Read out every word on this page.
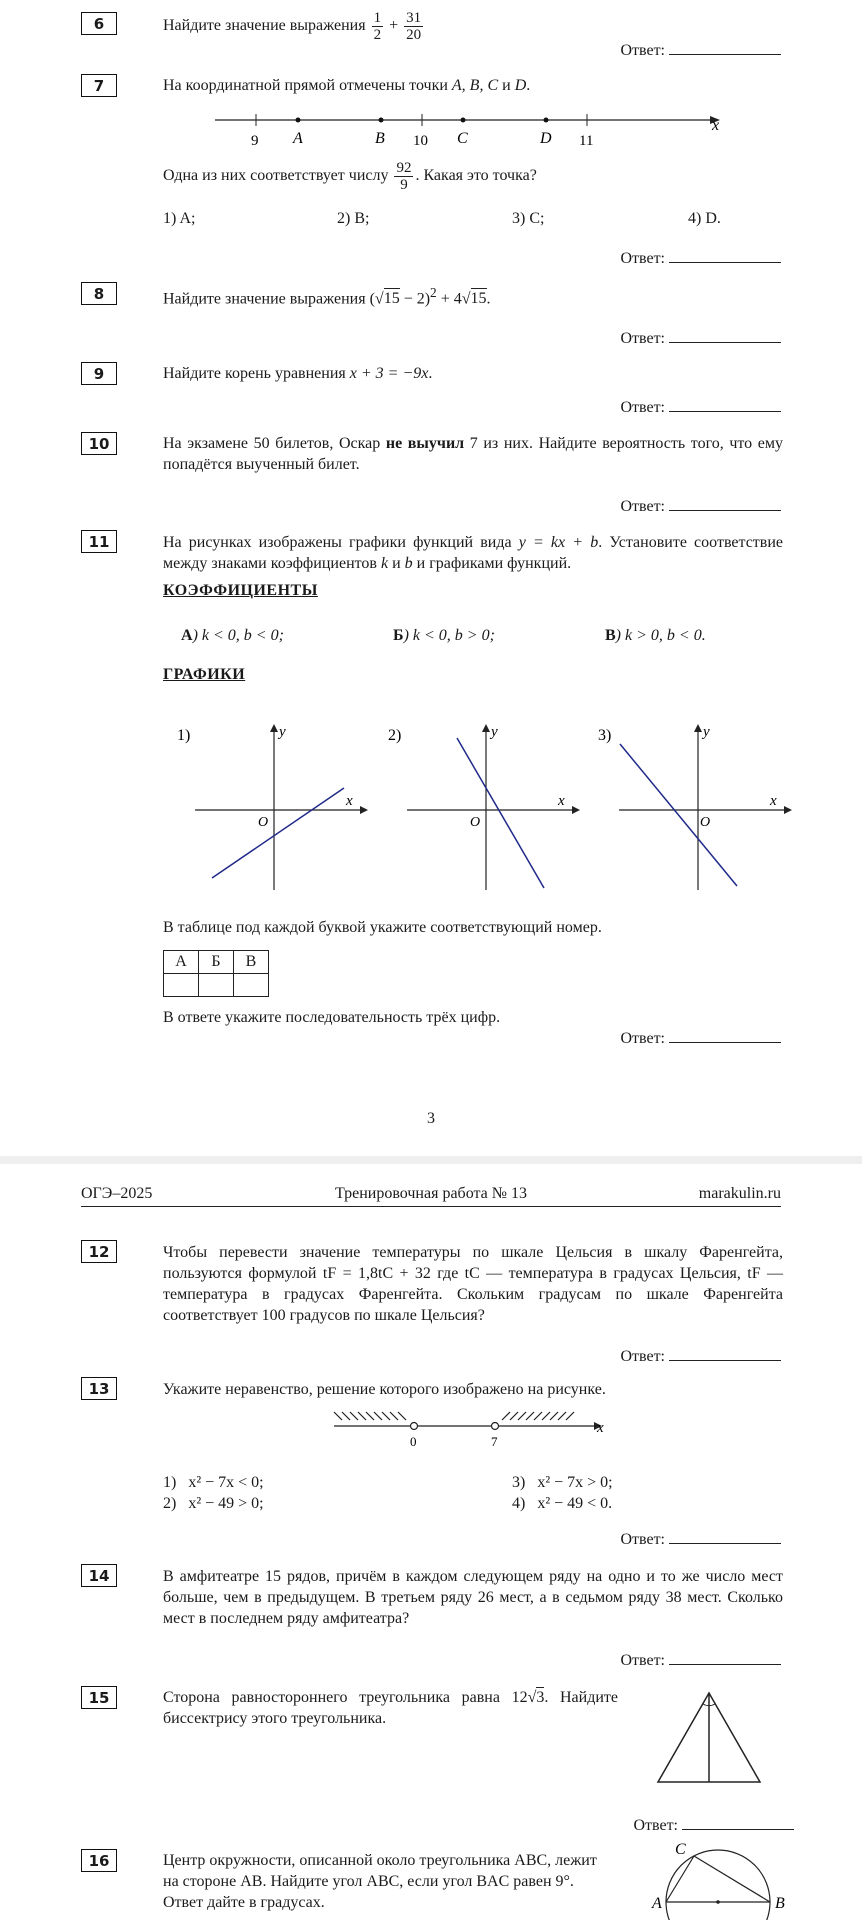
6	Найдите значение выражения $\frac{1}{2} + \frac{31}{20}$
Ответ:
7	На координатной прямой отмечены точки A, B, C и D.
x
9	10	11
A	B	C	D
Одна из них соответствует числу $\frac{92}{9}$ . Какая это точка?
1) A;	2) B;	3) C;	4) D.
Ответ:
8	Найдите значение выражения $(√15 - 2)^2 + 4√15$.
Ответ:
9	Найдите корень уравнения x + 3 = −9x.
Ответ:
10	На экзамене 50 билетов, Оскар не выучил 7 из них. Найдите вероятность того, что ему попадётся выученный билет.
Ответ:
11	На рисунках изображены графики функций вида y = kx + b. Установите соответствие между знаками коэффициентов k и b и графиками функций.
КОЭФФИЦИЕНТЫ
А) k < 0, b < 0;	Б) k < 0, b > 0;	В) k > 0, b < 0.
ГРАФИКИ
1)
x
y
O
2)
x
y
O
3)
x
y
O
В таблице под каждой буквой укажите соответствующий номер.
А	Б	В

В ответе укажите последовательность трёх цифр.
Ответ:
3
ОГЭ–2025	Тренировочная работа № 13	marakulin.ru
12	Чтобы перевести значение температуры по шкале Цельсия в шкалу Фаренгейта, пользуются формулой tF = 1,8tC + 32 где tC — температура в градусах Цельсия, tF — температура в градусах Фаренгейта. Скольким градусам по шкале Фаренгейта соответствует 100 градусов по шкале Цельсия?
Ответ:
13	Укажите неравенство, решение которого изображено на рисунке.
x
0	7
1)   x² − 7x < 0;
2)   x² − 49 > 0;
3)   x² − 7x > 0;
4)   x² − 49 < 0.
Ответ:
14	В амфитеатре 15 рядов, причём в каждом следующем ряду на одно и то же число мест больше, чем в предыдущем. В третьем ряду 26 мест, а в седьмом ряду 38 мест. Сколько мест в последнем ряду амфитеатра?
Ответ:
15	Сторона равностороннего треугольника равна 12√3. Найдите биссектрису этого треугольника.
Ответ:
16	Центр окружности, описанной около треугольника ABC, лежит на стороне AB. Найдите угол ABC, если угол BAC равен 9°. Ответ дайте в градусах.	A	B
C
